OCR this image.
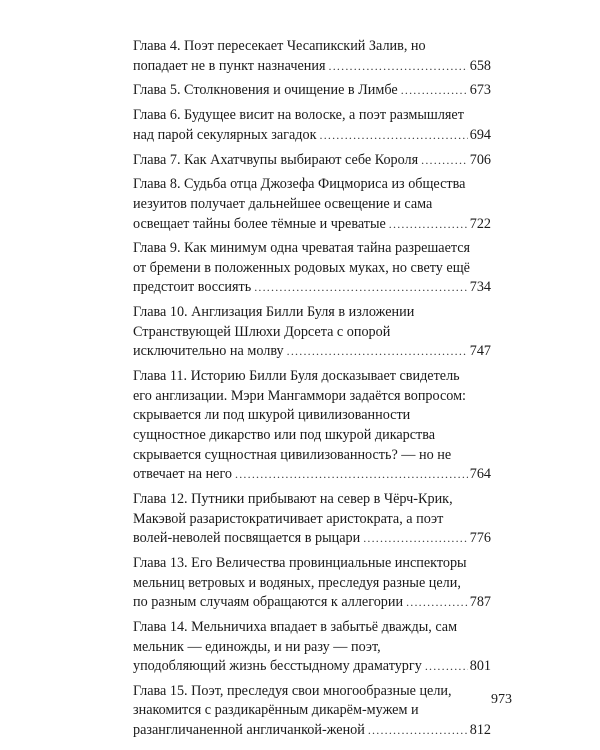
Глава 4. Поэт пересекает Чесапикский Залив, но
попадает не в пункт назначения .....	658
Глава 5. Столкновения и очищение в Лимбе .....	673
Глава 6. Будущее висит на волоске, а поэт размышляет
над парой секулярных загадок .....	694
Глава 7. Как Ахатчвупы выбирают себе Короля .....	706
Глава 8. Судьба отца Джозефа Фицмориса из общества
иезуитов получает дальнейшее освещение и сама
освещает тайны более тёмные и чреватые .....	722
Глава 9. Как минимум одна чреватая тайна разрешается
от бремени в положенных родовых муках, но свету ещё
предстоит воссиять .....	734
Глава 10. Англизация Билли Буля в изложении
Странствующей Шлюхи Дорсета с опорой
исключительно на молву .....	747
Глава 11. Историю Билли Буля досказывает свидетель
его англизации. Мэри Мангаммори задаётся вопросом:
скрывается ли под шкурой цивилизованности
сущностное дикарство или под шкурой дикарства
скрывается сущностная цивилизованность? — но не
отвечает на него .....	764
Глава 12. Путники прибывают на север в Чёрч-Крик,
Макэвой разаристократичивает аристократа, а поэт
волей-неволей посвящается в рыцари .....	776
Глава 13. Его Величества провинциальные инспекторы
мельниц ветровых и водяных, преследуя разные цели,
по разным случаям обращаются к аллегории .....	787
Глава 14. Мельничиха впадает в забытьё дважды, сам
мельник — единожды, и ни разу — поэт,
уподобляющий жизнь бесстыдному драматургу .....	801
Глава 15. Поэт, преследуя свои многообразные цели,
знакомится с раздикарённым дикарём-мужем и
разангличаненной англичанкой-женой .....	812
973
